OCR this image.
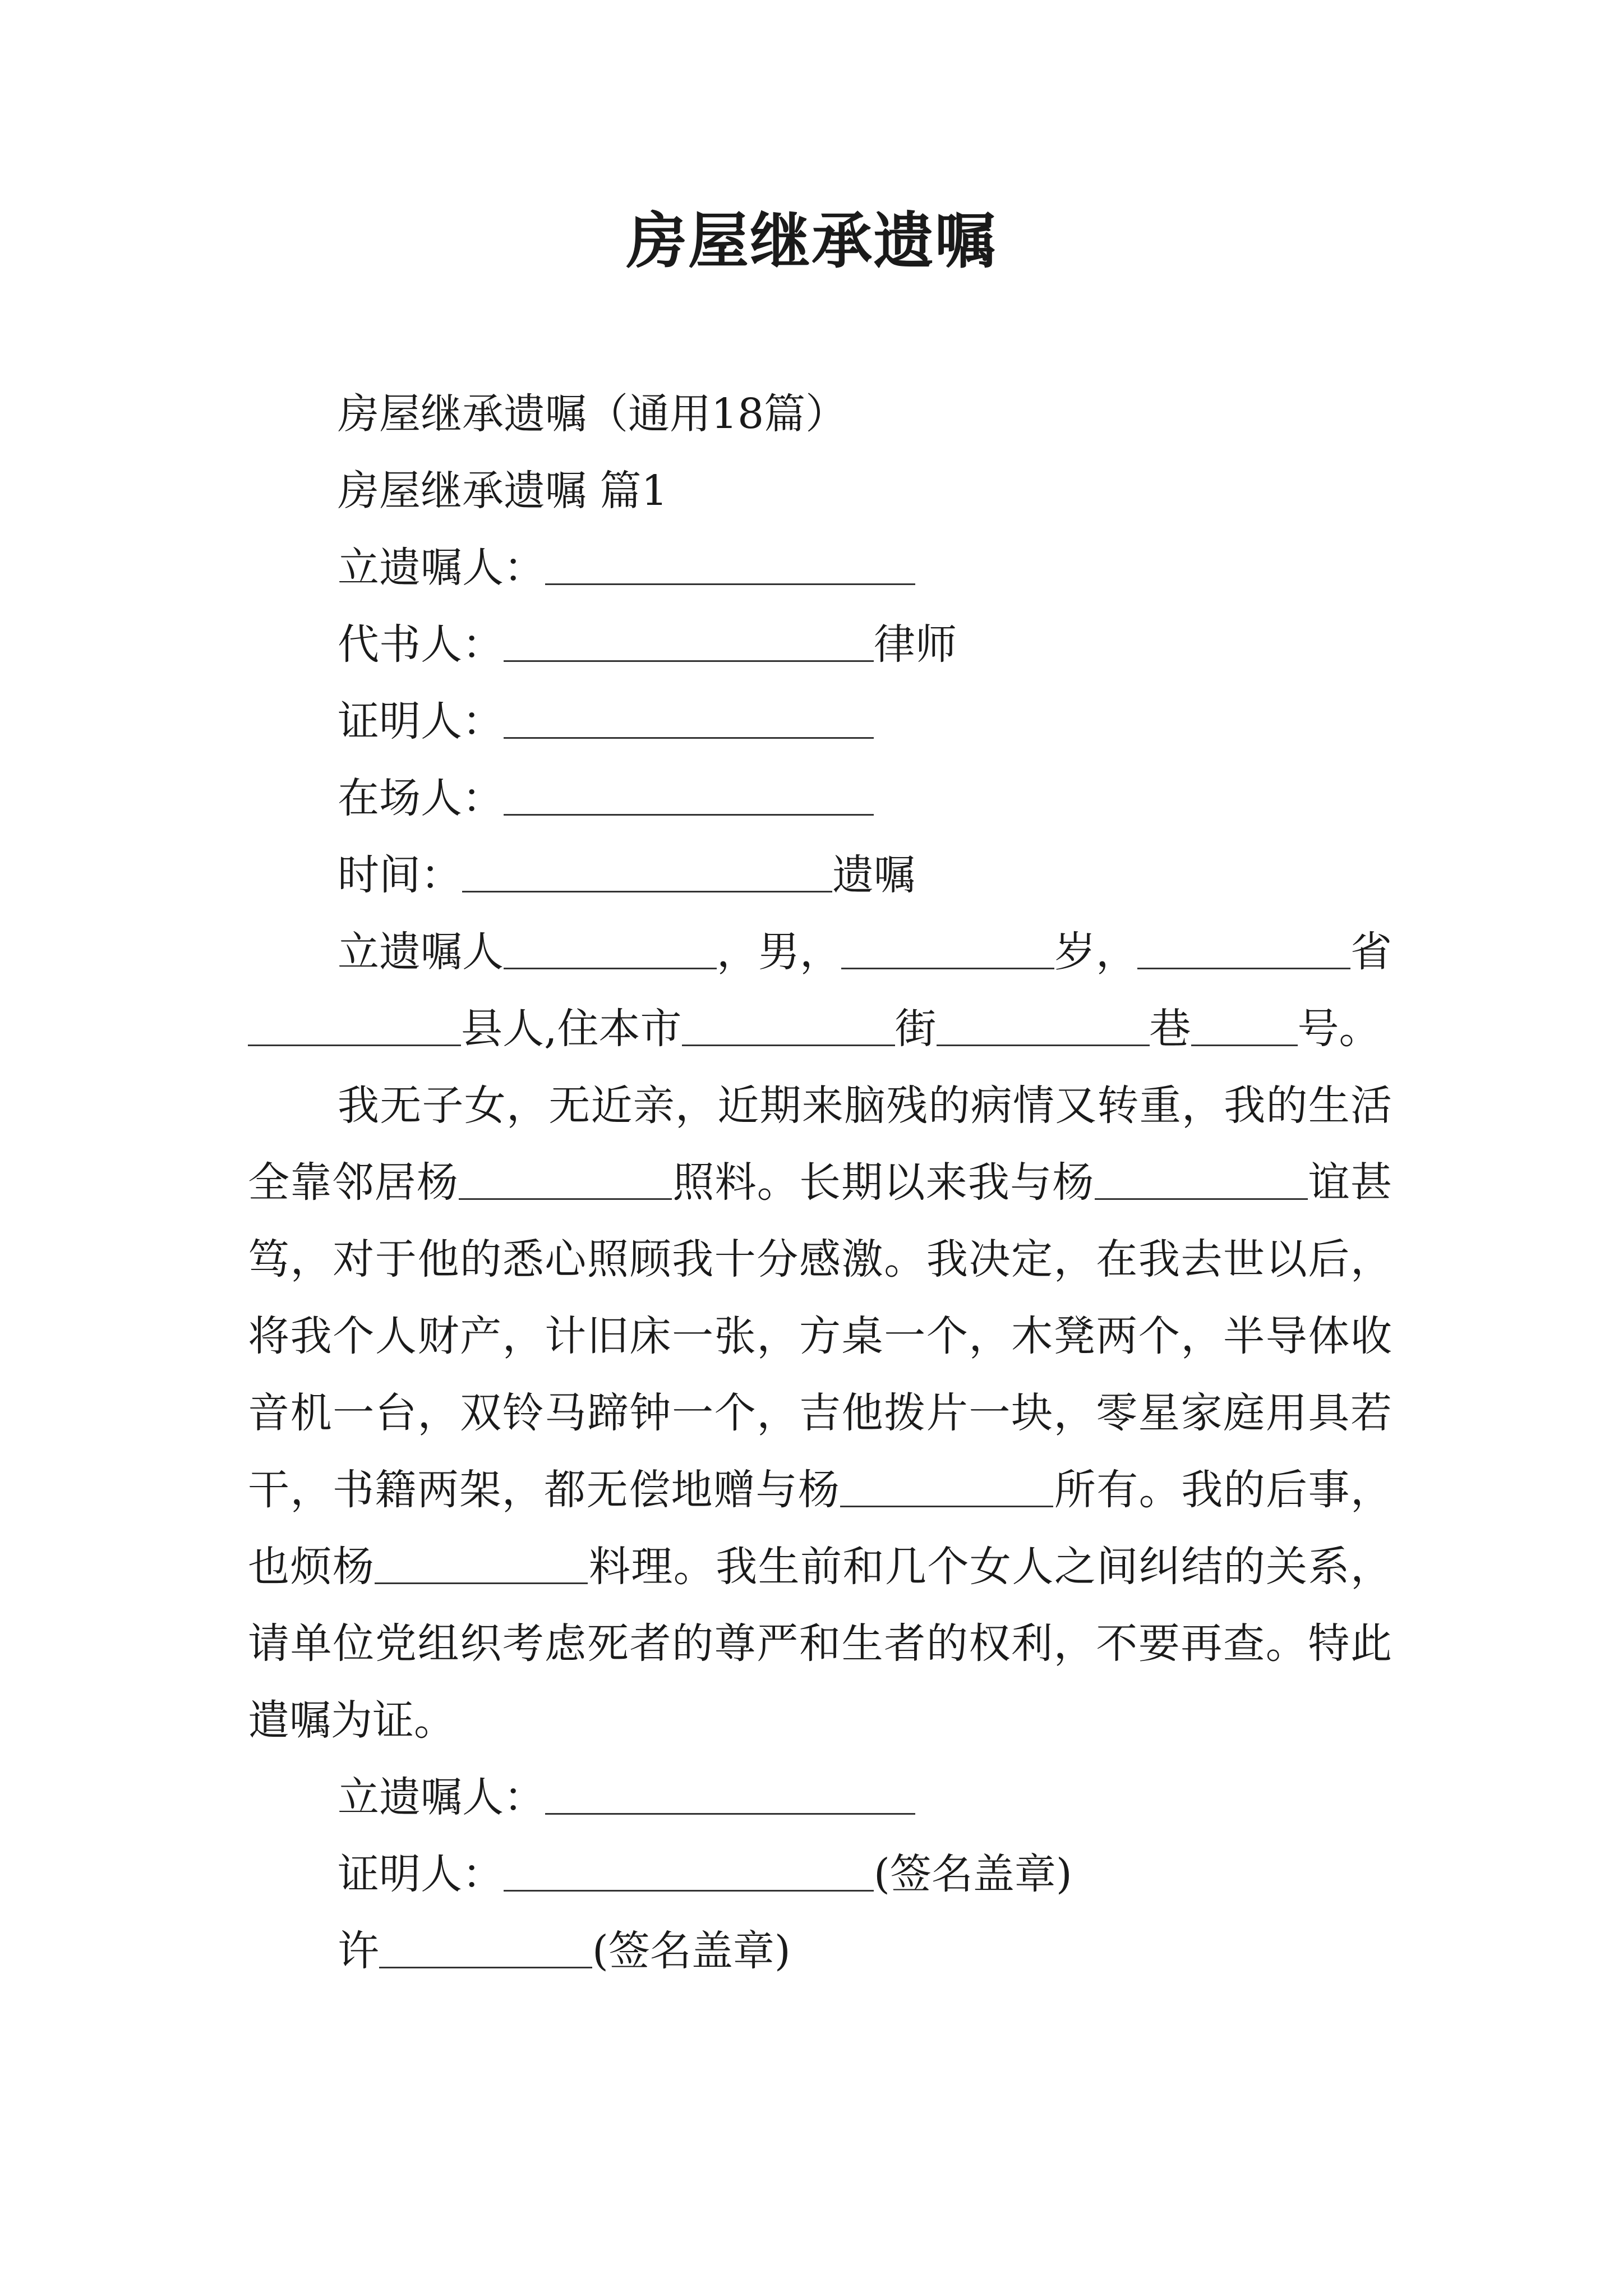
房屋继承遗嘱

房屋继承遗嘱（通用18篇）

房屋继承遗嘱 篇1

立遗嘱人：

代书人：	律师

证明人：

在场人：

时间：	遗嘱

立遗嘱人	，男，	岁，	省县人,住本市	街	巷	号。

我无子女，无近亲，近期来脑残的病情又转重，我的生活全靠邻居杨	照料。长期以来我与杨	谊甚笃，对于他的悉心照顾我十分感激。我决定，在我去世以后，将我个人财产，计旧床一张，方桌一个，木凳两个，半导体收音机一台，双铃马蹄钟一个，吉他拨片一块，零星家庭用具若干，书籍两架，都无偿地赠与杨	所有。我的后事，也烦杨	料理。我生前和几个女人之间纠结的关系，请单位党组织考虑死者的尊严和生者的权利，不要再查。特此遣嘱为证。

立遗嘱人：

证明人：	(签名盖章)

许	(签名盖章)
